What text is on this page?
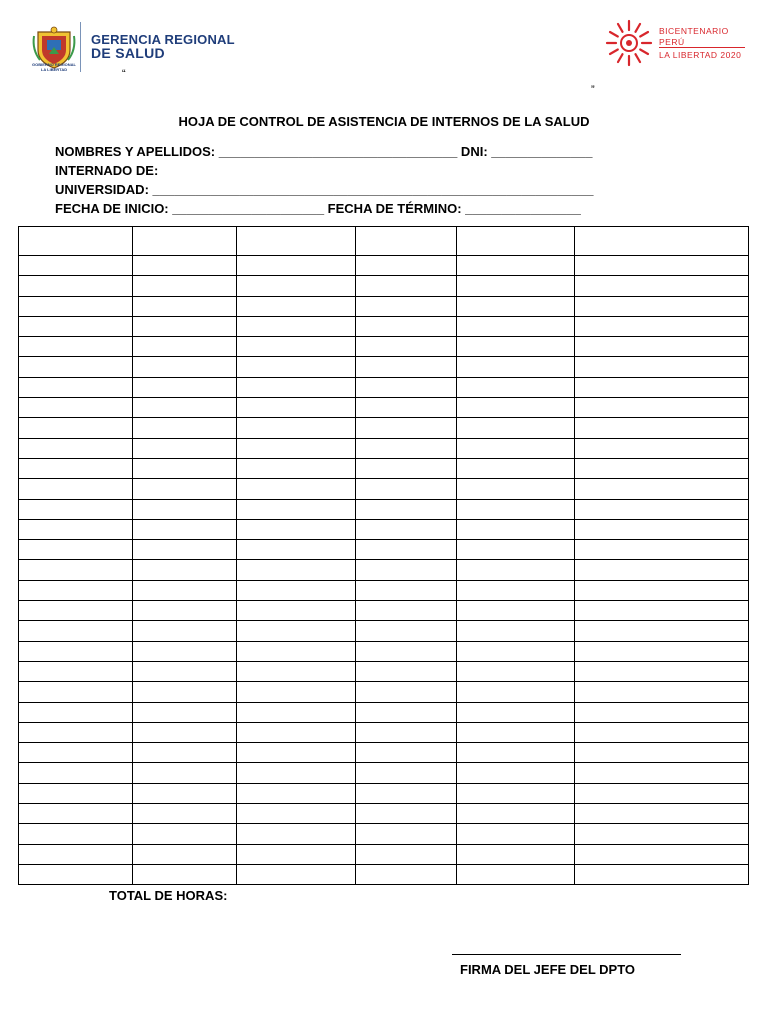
GOBIERNO REGIONAL LA LIBERTAD
GERENCIA REGIONAL
DE SALUD
BICENTENARIO
PERÚ
LA LIBERTAD 2020
“
”
HOJA DE CONTROL DE ASISTENCIA DE INTERNOS DE LA SALUD
NOMBRES Y APELLIDOS: _________________________________ DNI: ______________
INTERNADO DE:
UNIVERSIDAD: _____________________________________________________________
FECHA DE INICIO: _____________________ FECHA DE TÉRMINO: ________________

TOTAL DE HORAS:
FIRMA DEL JEFE DEL DPTO
